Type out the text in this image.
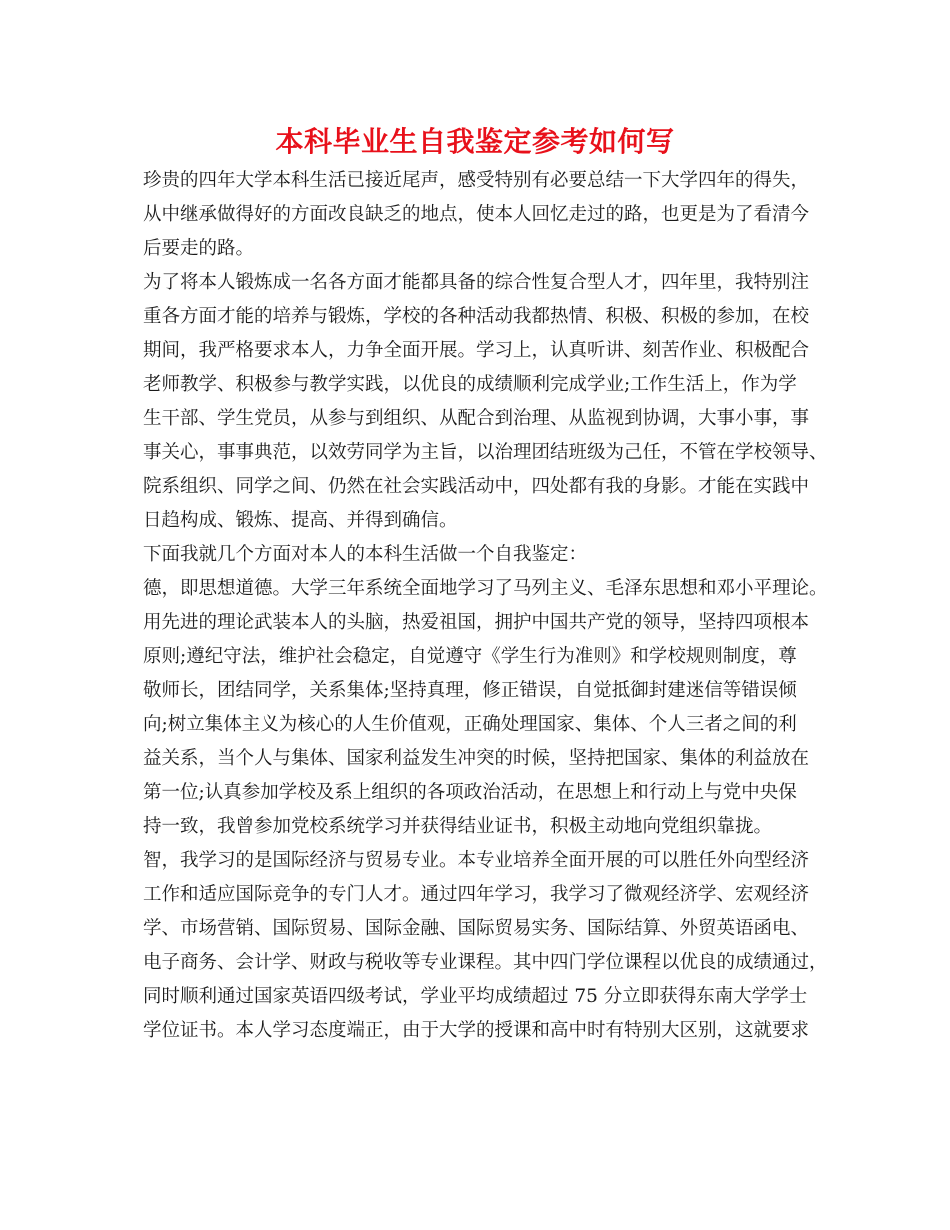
本科毕业生自我鉴定参考如何写
珍贵的四年大学本科生活已接近尾声，感受特别有必要总结一下大学四年的得失，
从中继承做得好的方面改良缺乏的地点，使本人回忆走过的路，也更是为了看清今
后要走的路。
为了将本人锻炼成一名各方面才能都具备的综合性复合型人才，四年里，我特别注
重各方面才能的培养与锻炼，学校的各种活动我都热情、积极、积极的参加，在校
期间，我严格要求本人，力争全面开展。学习上，认真听讲、刻苦作业、积极配合
老师教学、积极参与教学实践，以优良的成绩顺利完成学业;工作生活上，作为学
生干部、学生党员，从参与到组织、从配合到治理、从监视到协调，大事小事，事
事关心，事事典范，以效劳同学为主旨，以治理团结班级为己任，不管在学校领导、
院系组织、同学之间、仍然在社会实践活动中，四处都有我的身影。才能在实践中
日趋构成、锻炼、提高、并得到确信。
下面我就几个方面对本人的本科生活做一个自我鉴定：
德，即思想道德。大学三年系统全面地学习了马列主义、毛泽东思想和邓小平理论。
用先进的理论武装本人的头脑，热爱祖国，拥护中国共产党的领导，坚持四项根本
原则;遵纪守法，维护社会稳定，自觉遵守《学生行为准则》和学校规则制度，尊
敬师长，团结同学，关系集体;坚持真理，修正错误，自觉抵御封建迷信等错误倾
向;树立集体主义为核心的人生价值观，正确处理国家、集体、个人三者之间的利
益关系，当个人与集体、国家利益发生冲突的时候，坚持把国家、集体的利益放在
第一位;认真参加学校及系上组织的各项政治活动，在思想上和行动上与党中央保
持一致，我曾参加党校系统学习并获得结业证书，积极主动地向党组织靠拢。
智，我学习的是国际经济与贸易专业。本专业培养全面开展的可以胜任外向型经济
工作和适应国际竞争的专门人才。通过四年学习，我学习了微观经济学、宏观经济
学、市场营销、国际贸易、国际金融、国际贸易实务、国际结算、外贸英语函电、
电子商务、会计学、财政与税收等专业课程。其中四门学位课程以优良的成绩通过，
同时顺利通过国家英语四级考试，学业平均成绩超过 75 分立即获得东南大学学士
学位证书。本人学习态度端正，由于大学的授课和高中时有特别大区别，这就要求
